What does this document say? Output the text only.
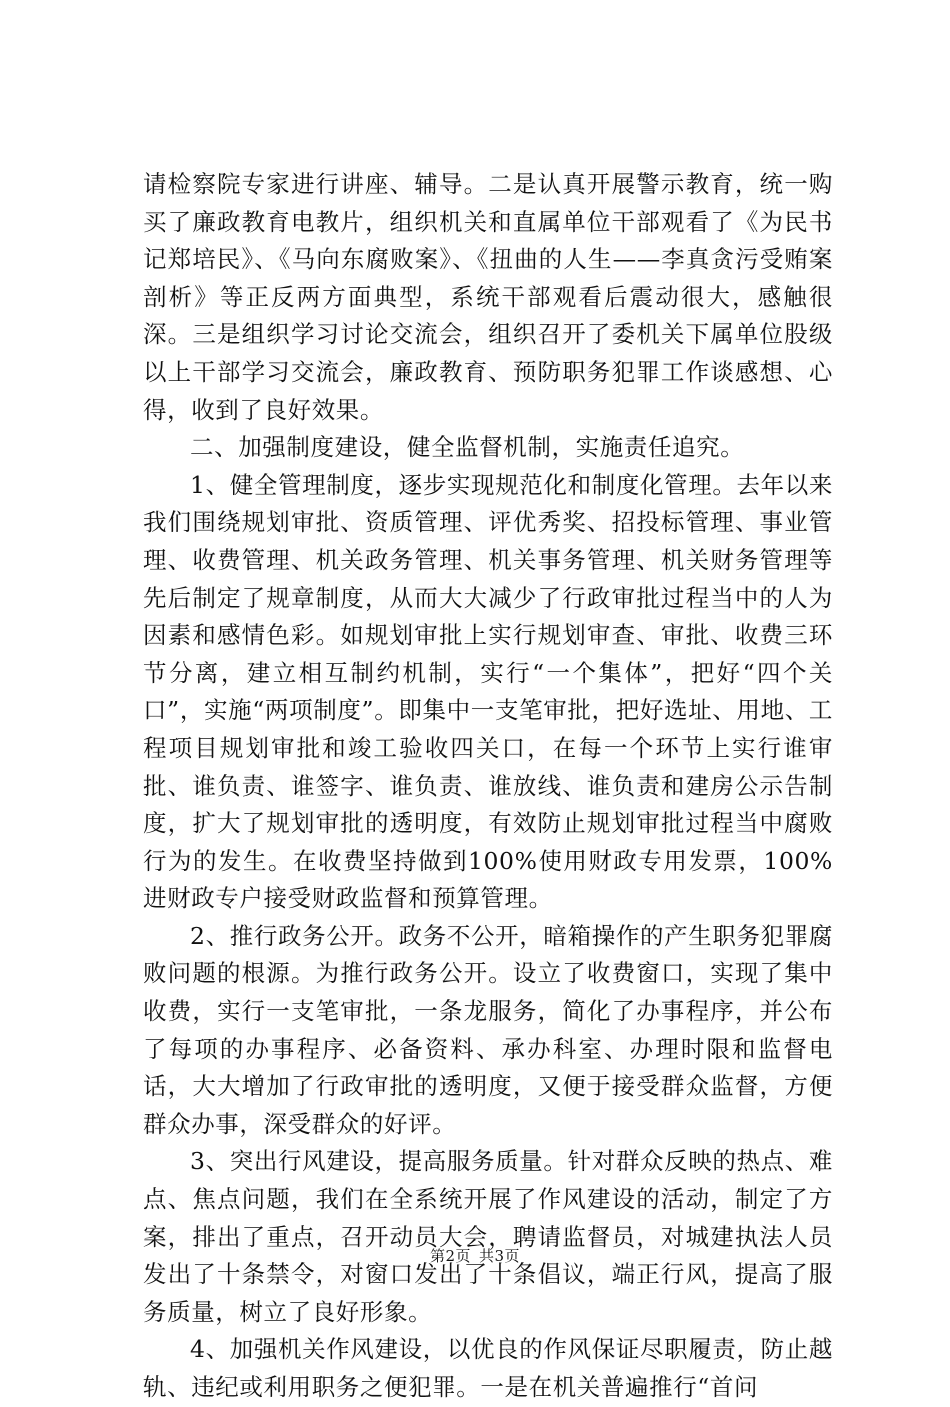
请检察院专家进行讲座、辅导。二是认真开展警示教育，统一购买了廉政教育电教片，组织机关和直属单位干部观看了《为民书记郑培民》、《马向东腐败案》、《扭曲的人生——李真贪污受贿案剖析》等正反两方面典型，系统干部观看后震动很大，感触很深。三是组织学习讨论交流会，组织召开了委机关下属单位股级以上干部学习交流会，廉政教育、预防职务犯罪工作谈感想、心得，收到了良好效果。

二、加强制度建设，健全监督机制，实施责任追究。

1、健全管理制度，逐步实现规范化和制度化管理。去年以来我们围绕规划审批、资质管理、评优秀奖、招投标管理、事业管理、收费管理、机关政务管理、机关事务管理、机关财务管理等先后制定了规章制度，从而大大减少了行政审批过程当中的人为因素和感情色彩。如规划审批上实行规划审查、审批、收费三环节分离，建立相互制约机制，实行“一个集体”，把好“四个关口”，实施“两项制度”。即集中一支笔审批，把好选址、用地、工程项目规划审批和竣工验收四关口，在每一个环节上实行谁审批、谁负责、谁签字、谁负责、谁放线、谁负责和建房公示告制度，扩大了规划审批的透明度，有效防止规划审批过程当中腐败行为的发生。在收费坚持做到100%使用财政专用发票，100%进财政专户接受财政监督和预算管理。

2、推行政务公开。政务不公开，暗箱操作的产生职务犯罪腐败问题的根源。为推行政务公开。设立了收费窗口，实现了集中收费，实行一支笔审批，一条龙服务，简化了办事程序，并公布了每项的办事程序、必备资料、承办科室、办理时限和监督电话，大大增加了行政审批的透明度，又便于接受群众监督，方便群众办事，深受群众的好评。

3、突出行风建设，提高服务质量。针对群众反映的热点、难点、焦点问题，我们在全系统开展了作风建设的活动，制定了方案，排出了重点，召开动员大会，聘请监督员，对城建执法人员发出了十条禁令，对窗口发出了十条倡议，端正行风，提高了服务质量，树立了良好形象。

4、加强机关作风建设，以优良的作风保证尽职履责，防止越轨、违纪或利用职务之便犯罪。一是在机关普遍推行“首问

第2页 共3页
